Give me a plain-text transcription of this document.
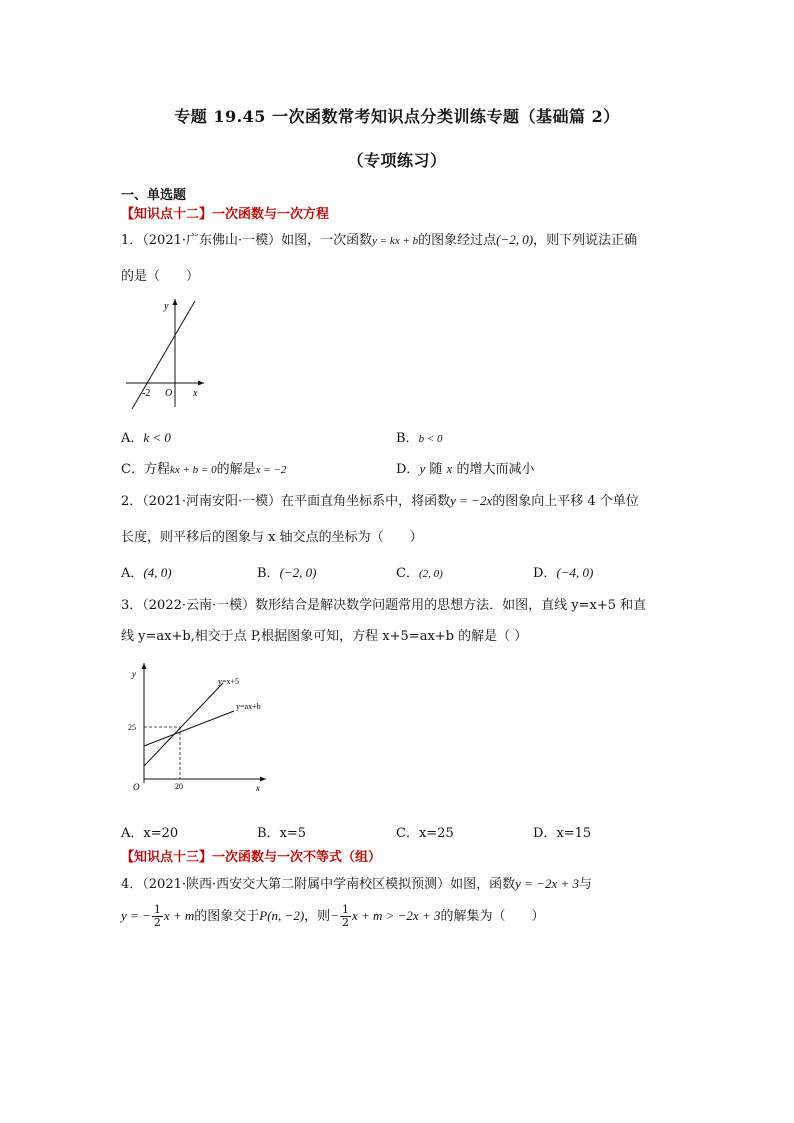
专题 19.45 一次函数常考知识点分类训练专题（基础篇 2）
（专项练习）
一、单选题
【知识点十二】一次函数与一次方程
1．（2021·广东佛山·一模）如图，一次函数y = kx + b的图象经过点(−2, 0)，则下列说法正确
的是（　　）
y
x
O
-2
A．k < 0	B．b < 0
C．方程kx + b = 0的解是x = −2	D．y 随 x 的增大而减小
2．（2021·河南安阳·一模）在平面直角坐标系中，将函数y = −2x的图象向上平移 4 个单位
长度，则平移后的图象与 x 轴交点的坐标为（　　）
A．(4, 0)	B．(−2, 0)	C．(2, 0)	D．(−4, 0)
3．（2022·云南·一模）数形结合是解决数学问题常用的思想方法．如图，直线 y=x+5 和直
线 y=ax+b,相交于点 P,根据图象可知，方程 x+5=ax+b 的解是（ ）
y
x
O
25
20
y=x+5
y=ax+b
A．x=20	B．x=5	C．x=25	D．x=15
【知识点十三】一次函数与一次不等式（组）
4．（2021·陕西·西安交大第二附属中学南校区模拟预测）如图，函数y = −2x + 3与
y = − $\frac{1}{2}$ x + m的图象交于P(n, −2)，则− $\frac{1}{2}$ x + m > −2x + 3的解集为（　　）
